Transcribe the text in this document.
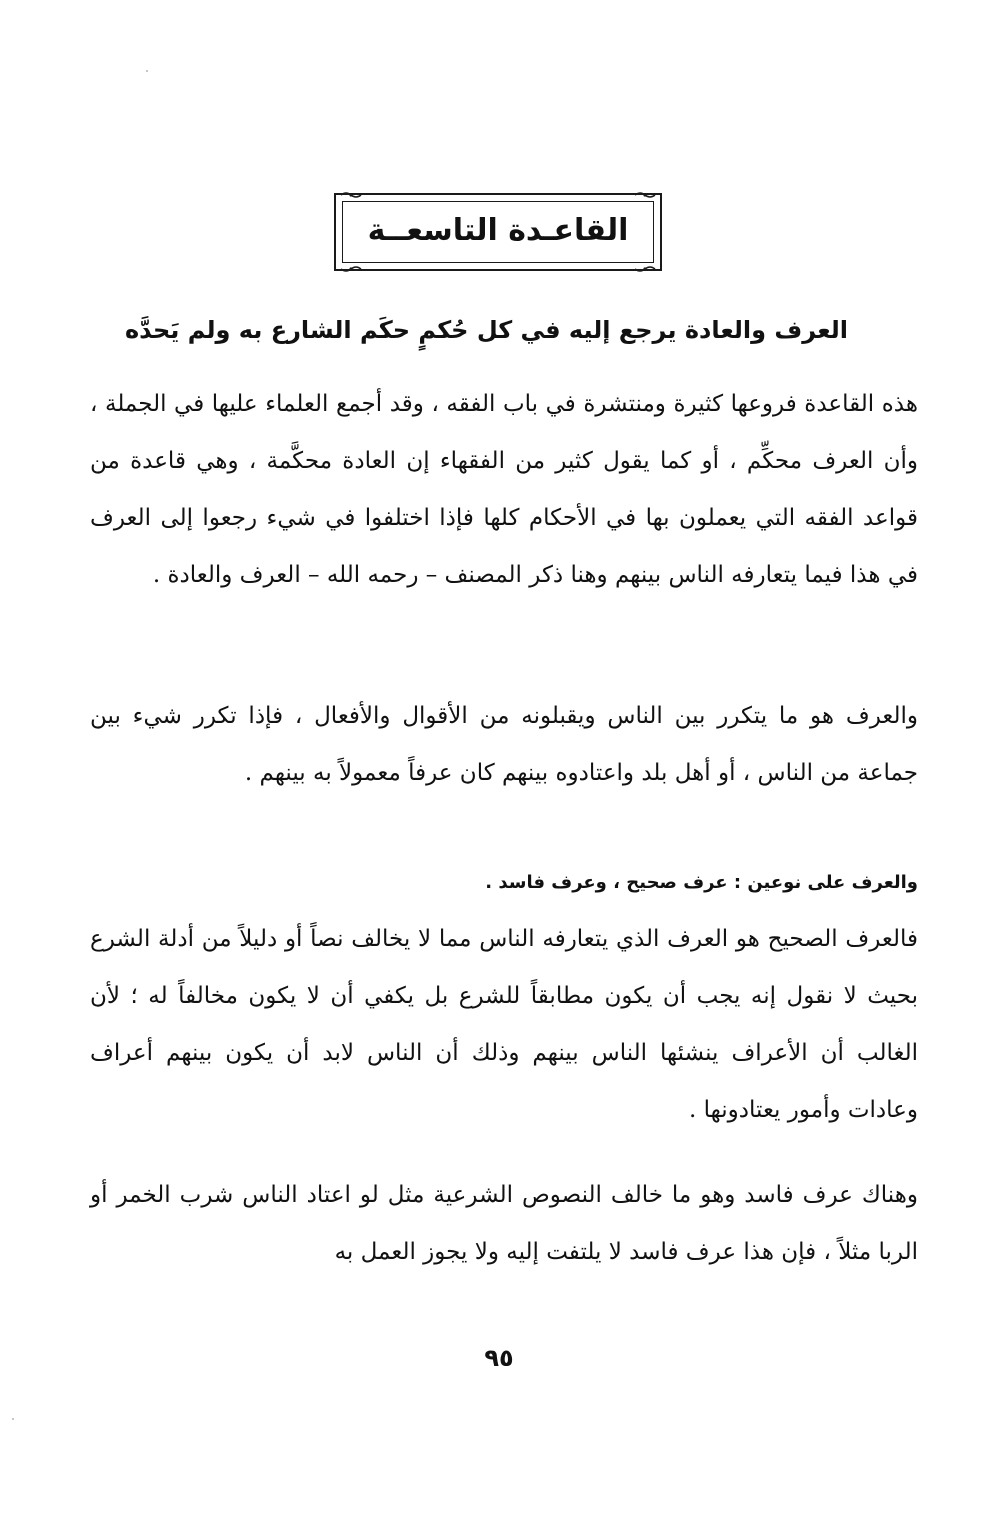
القاعـدة التاسعــة
العرف والعادة يرجع إليه في كل حُكمٍ حكَم الشارع به ولم يَحدَّه
هذه القاعدة فروعها كثيرة ومنتشرة في باب الفقه ، وقد أجمع العلماء عليها في الجملة ، وأن العرف محكِّم ، أو كما يقول كثير من الفقهاء إن العادة محكَّمة ، وهي قاعدة من قواعد الفقه التي يعملون بها في الأحكام كلها فإذا اختلفوا في شيء رجعوا إلى العرف في هذا فيما يتعارفه الناس بينهم وهنا ذكر المصنف – رحمه الله – العرف والعادة .
والعرف هو ما يتكرر بين الناس ويقبلونه من الأقوال والأفعال ، فإذا تكرر شيء بين جماعة من الناس ، أو أهل بلد واعتادوه بينهم كان عرفاً معمولاً به بينهم .
والعرف على نوعين : عرف صحيح ، وعرف فاسد .
فالعرف الصحيح هو العرف الذي يتعارفه الناس مما لا يخالف نصاً أو دليلاً من أدلة الشرع بحيث لا نقول إنه يجب أن يكون مطابقاً للشرع بل يكفي أن لا يكون مخالفاً له ؛ لأن الغالب أن الأعراف ينشئها الناس بينهم وذلك أن الناس لابد أن يكون بينهم أعراف وعادات وأمور يعتادونها .
وهناك عرف فاسد وهو ما خالف النصوص الشرعية مثل لو اعتاد الناس شرب الخمر أو الربا مثلاً ، فإن هذا عرف فاسد لا يلتفت إليه ولا يجوز العمل به
٩٥
